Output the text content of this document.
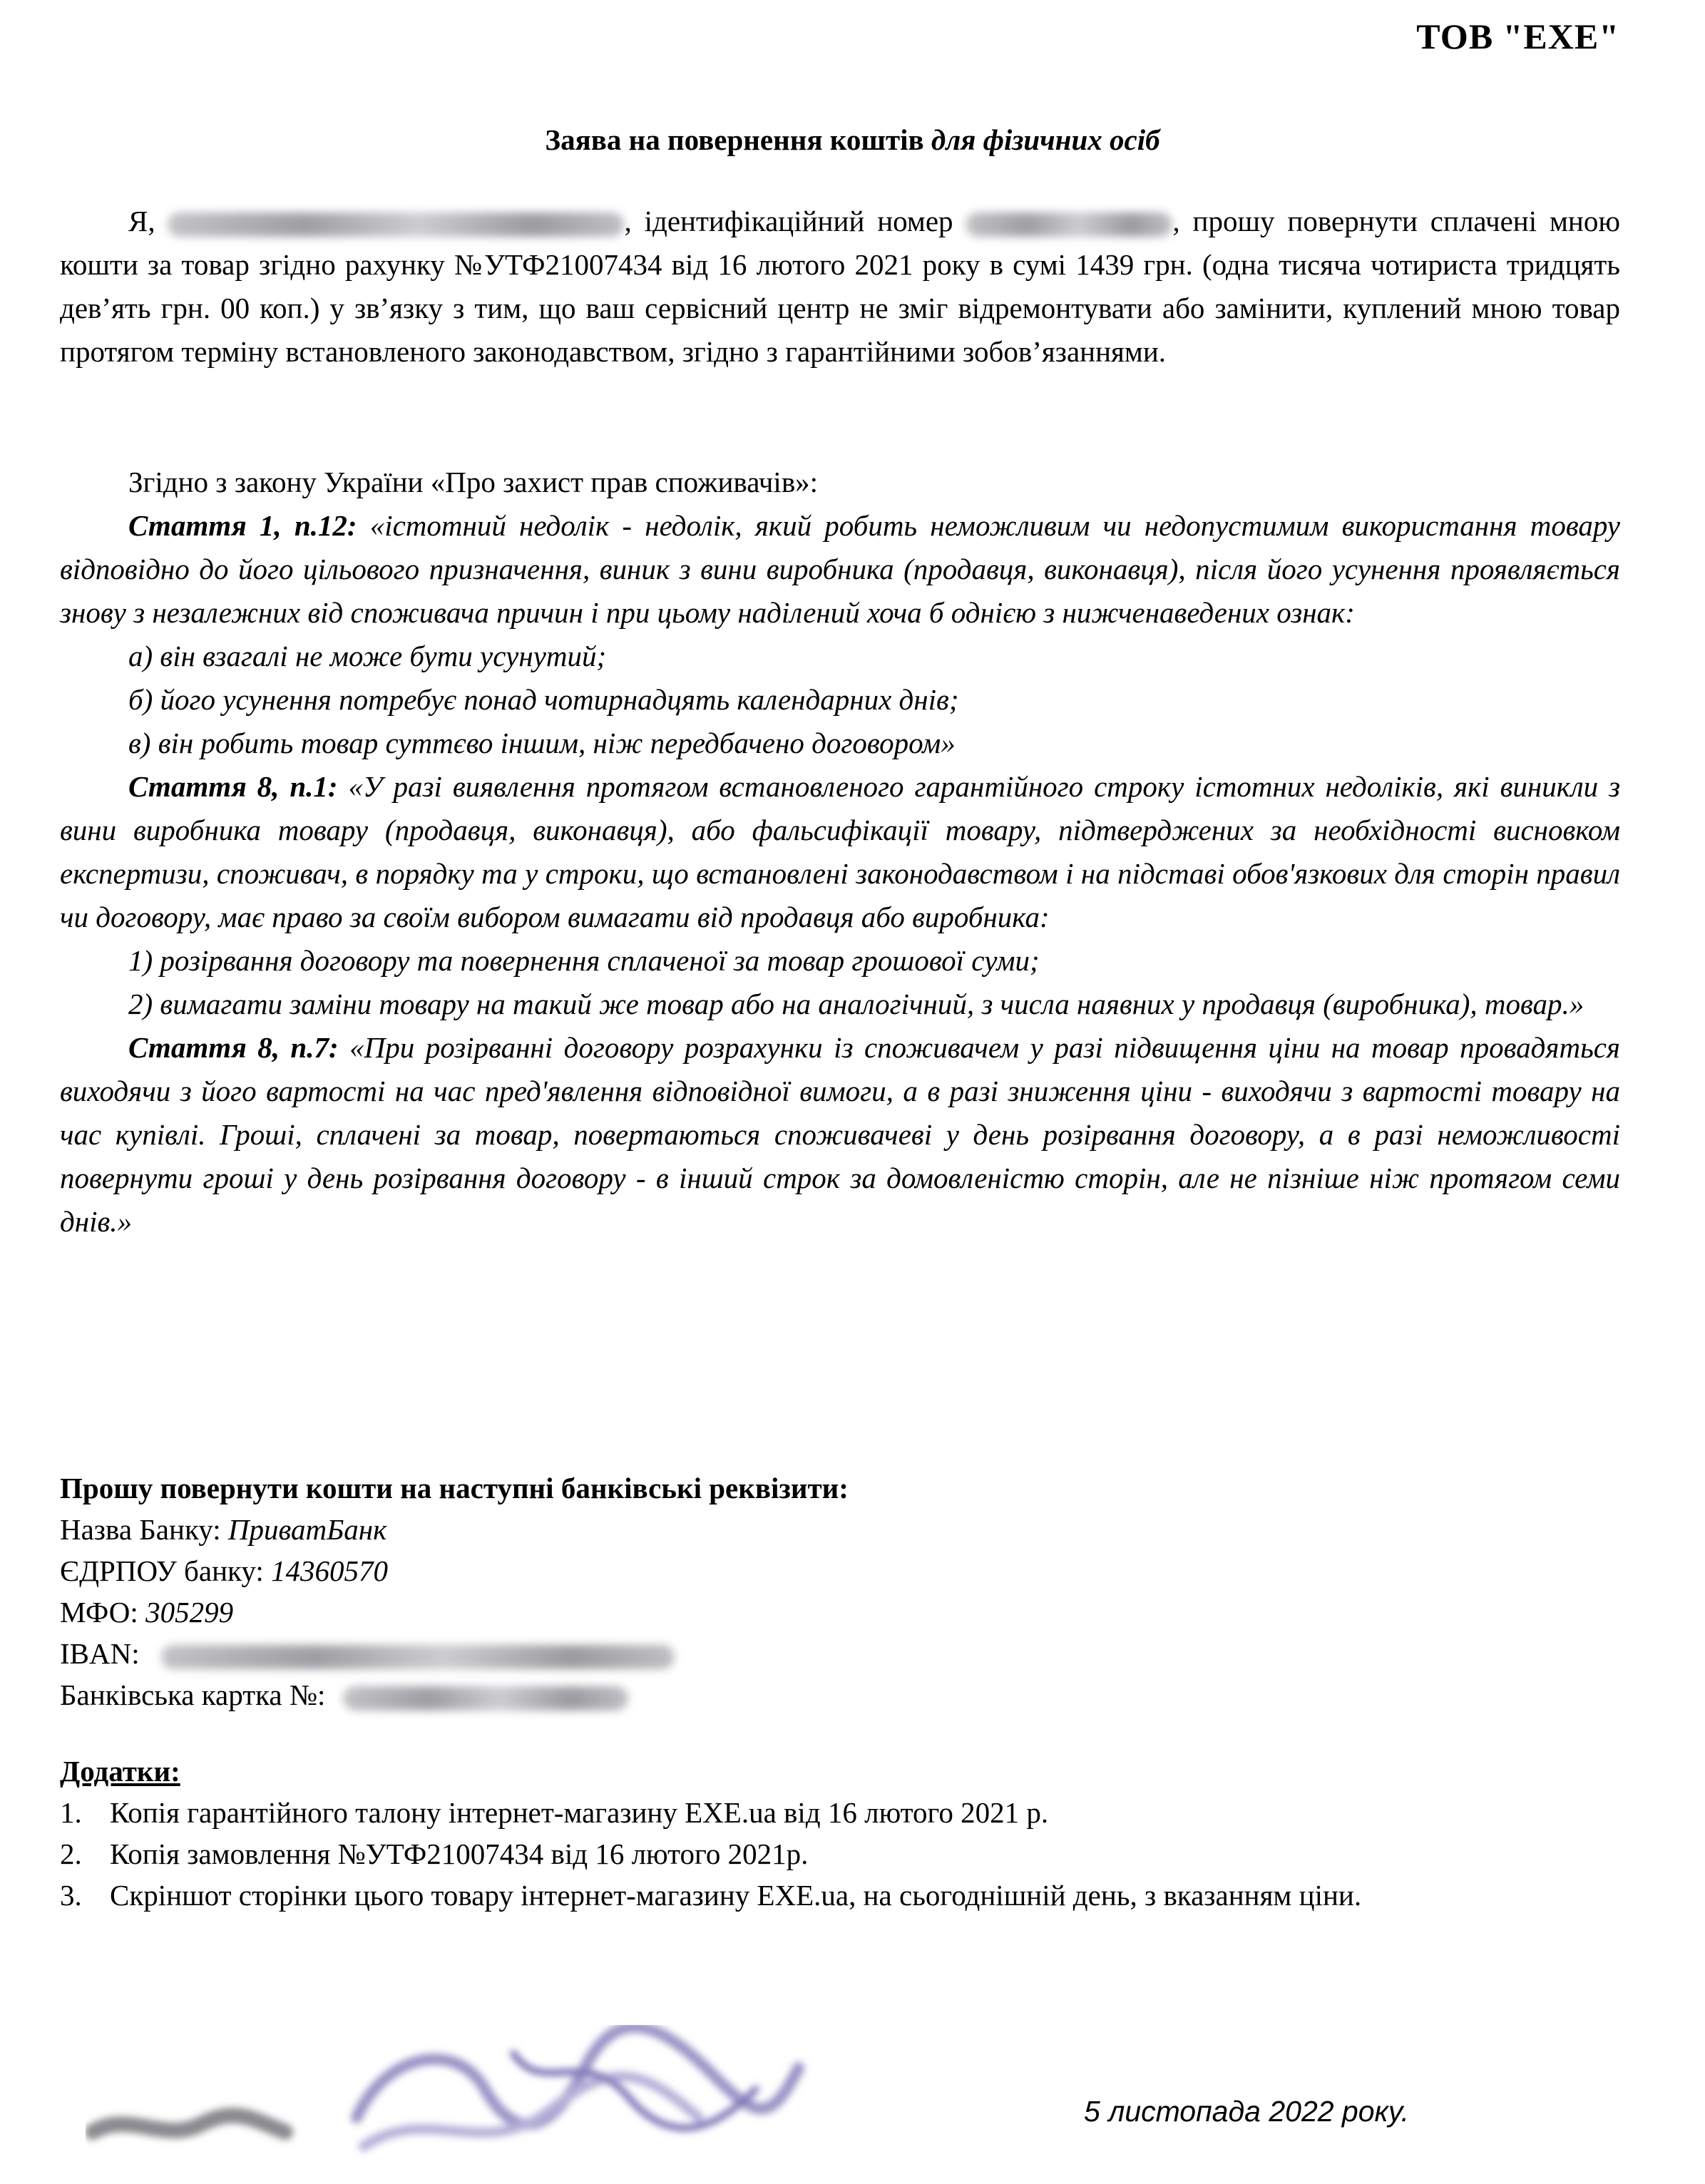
ТОВ "EXE"
Заява на повернення коштів для фізичних осіб
Я,	, ідентифікаційний номер	, прошу повернути сплачені мною кошти за товар згідно рахунку №УТФ21007434 від 16 лютого 2021 року в сумі 1439 грн. (одна тисяча чотириста тридцять дев’ять грн. 00 коп.) у зв’язку з тим, що ваш сервісний центр не зміг відремонтувати або замінити, куплений мною товар протягом терміну встановленого законодавством, згідно з гарантійними зобов’язаннями.
Згідно з закону України «Про захист прав споживачів»:
Стаття 1, п.12: «істотний недолік - недолік, який робить неможливим чи недопустимим використання товару відповідно до його цільового призначення, виник з вини виробника (продавця, виконавця), після його усунення проявляється знову з незалежних від споживача причин і при цьому наділений хоча б однією з нижченаведених ознак:
а) він взагалі не може бути усунутий;
б) його усунення потребує понад чотирнадцять календарних днів;
в) він робить товар суттєво іншим, ніж передбачено договором»
Стаття 8, п.1: «У разі виявлення протягом встановленого гарантійного строку істотних недоліків, які виникли з вини виробника товару (продавця, виконавця), або фальсифікації товару, підтверджених за необхідності висновком експертизи, споживач, в порядку та у строки, що встановлені законодавством і на підставі обов'язкових для сторін правил чи договору, має право за своїм вибором вимагати від продавця або виробника:
1) розірвання договору та повернення сплаченої за товар грошової суми;
2) вимагати заміни товару на такий же товар або на аналогічний, з числа наявних у продавця (виробника), товар.»
Стаття 8, п.7: «При розірванні договору розрахунки із споживачем у разі підвищення ціни на товар провадяться виходячи з його вартості на час пред'явлення відповідної вимоги, а в разі зниження ціни - виходячи з вартості товару на час купівлі. Гроші, сплачені за товар, повертаються споживачеві у день розірвання договору, а в разі неможливості повернути гроші у день розірвання договору - в інший строк за домовленістю сторін, але не пізніше ніж протягом семи днів.»
Прошу повернути кошти на наступні банківські реквізити:
Назва Банку: ПриватБанк
ЄДРПОУ банку: 14360570
МФО: 305299
IBAN:
Банківська картка №:
Додатки:
1. Копія гарантійного талону інтернет-магазину EXE.ua від 16 лютого 2021 р.
2. Копія замовлення №УТФ21007434 від 16 лютого 2021р.
3. Скріншот сторінки цього товару інтернет-магазину EXE.ua, на сьогоднішній день, з вказанням ціни.
5 листопада 2022 року.
